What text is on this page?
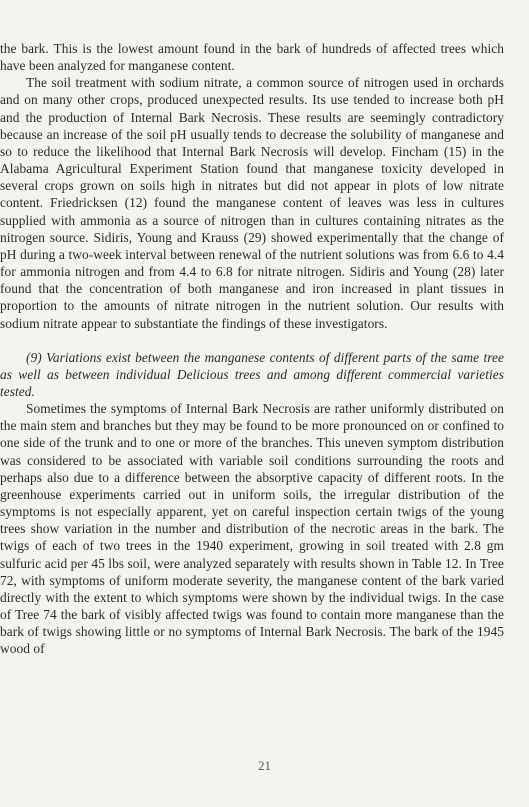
the bark. This is the lowest amount found in the bark of hundreds of affected trees which have been analyzed for manganese content.

The soil treatment with sodium nitrate, a common source of nitrogen used in orchards and on many other crops, produced unexpected results. Its use tended to increase both pH and the production of Internal Bark Necrosis. These results are seemingly contradictory because an increase of the soil pH usually tends to decrease the solubility of manganese and so to reduce the likelihood that Internal Bark Necrosis will develop. Fincham (15) in the Alabama Agricultural Experiment Station found that manganese toxicity developed in several crops grown on soils high in nitrates but did not appear in plots of low nitrate content. Friedricksen (12) found the manganese content of leaves was less in cultures supplied with ammonia as a source of nitrogen than in cultures containing nitrates as the nitrogen source. Sidiris, Young and Krauss (29) showed experimentally that the change of pH during a two-week interval between renewal of the nutrient solutions was from 6.6 to 4.4 for ammonia nitrogen and from 4.4 to 6.8 for nitrate nitrogen. Sidiris and Young (28) later found that the concentration of both manganese and iron increased in plant tissues in proportion to the amounts of nitrate nitrogen in the nutrient solution. Our results with sodium nitrate appear to substantiate the findings of these investigators.

(9) Variations exist between the manganese contents of different parts of the same tree as well as between individual Delicious trees and among different commercial varieties tested.

Sometimes the symptoms of Internal Bark Necrosis are rather uniformly distributed on the main stem and branches but they may be found to be more pronounced on or confined to one side of the trunk and to one or more of the branches. This uneven symptom distribution was considered to be associated with variable soil conditions surrounding the roots and perhaps also due to a difference between the absorptive capacity of different roots. In the greenhouse experiments carried out in uniform soils, the irregular distribution of the symptoms is not especially apparent, yet on careful inspection certain twigs of the young trees show variation in the number and distribution of the necrotic areas in the bark. The twigs of each of two trees in the 1940 experiment, growing in soil treated with 2.8 gm sulfuric acid per 45 lbs soil, were analyzed separately with results shown in Table 12. In Tree 72, with symptoms of uniform moderate severity, the manganese content of the bark varied directly with the extent to which symptoms were shown by the individual twigs. In the case of Tree 74 the bark of visibly affected twigs was found to contain more manganese than the bark of twigs showing little or no symptoms of Internal Bark Necrosis. The bark of the 1945 wood of

21
